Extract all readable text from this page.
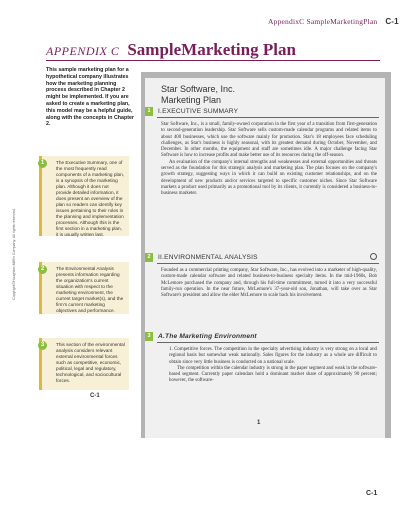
AppendixC SampleMarketingPlan C-1
APPENDIX C SampleMarketing Plan
This sample marketing plan for a hypothetical company illustrates how the marketing planning process described in Chapter 2 might be implemented. If you are asked to create a marketing plan, this model may be a helpful guide, along with the concepts in Chapter 2.
1	The Executive Summary, one of the most frequently read components of a marketing plan, is a synopsis of the marketing plan. Although it does not provide detailed information, it does present an overview of the plan so readers can identify key issues pertaining to their roles in the planning and implementation processes. Although this is the first section in a marketing plan, it is usually written last.
2	The Environmental Analysis presents information regarding the organization's current situation with respect to the marketing environment, the current target market(s), and the firm's current marketing objectives and performance.
3	This section of the environmental analysis considers relevant external environmental forces such as competitive, economic, political, legal and regulatory, technological, and sociocultural forces.
C-1
Copyright©Houghton Mifflin Company. All rights reserved.
Star Software, Inc.
Marketing Plan
1	I.EXECUTIVE SUMMARY

Star Software, Inc., is a small, family-owned corporation in the first year of a transition from first-generation to second-generation leadership. Star Software sells custom-made calendar programs and related items to about 400 businesses, which use the software mainly for promotion. Star's 18 employees face scheduling challenges, as Star's business is highly seasonal, with its greatest demand during October, November, and December. In other months, the equipment and staff are sometimes idle. A major challenge facing Star Software is how to increase profits and make better use of its resources during the off-season.

An evaluation of the company's internal strengths and weaknesses and external opportunities and threats served as the foundation for this strategic analysis and marketing plan. The plan focuses on the company's growth strategy, suggesting ways in which it can build on existing customer relationships, and on the development of new products and/or services targeted to specific customer niches. Since Star Software markets a product used primarily as a promotional tool by its clients, it currently is considered a business-to-business marketer.

2	II.ENVIRONMENTAL ANALYSIS

Founded as a commercial printing company, Star Software, Inc., has evolved into a marketer of high-quality, custom-made calendar software and related business-to-business specialty items. In the mid-1960s, Bob McLemore purchased the company and, through his full-time commitment, turned it into a very successful family-run operation. In the near future, McLemore's 37-year-old son, Jonathan, will take over as Star Software's president and allow the elder McLemore to scale back his involvement.

3	A.The Marketing Environment

1. Competitive forces. The competition in the specialty advertising industry is very strong on a local and regional basis but somewhat weak nationally. Sales figures for the industry as a whole are difficult to obtain since very little business is conducted on a national scale.

The competition within the calendar industry is strong in the paper segment and weak in the software-based segment. Currently paper calendars hold a dominant market share of approximately 90 percent; however, the software-

1
C-1
